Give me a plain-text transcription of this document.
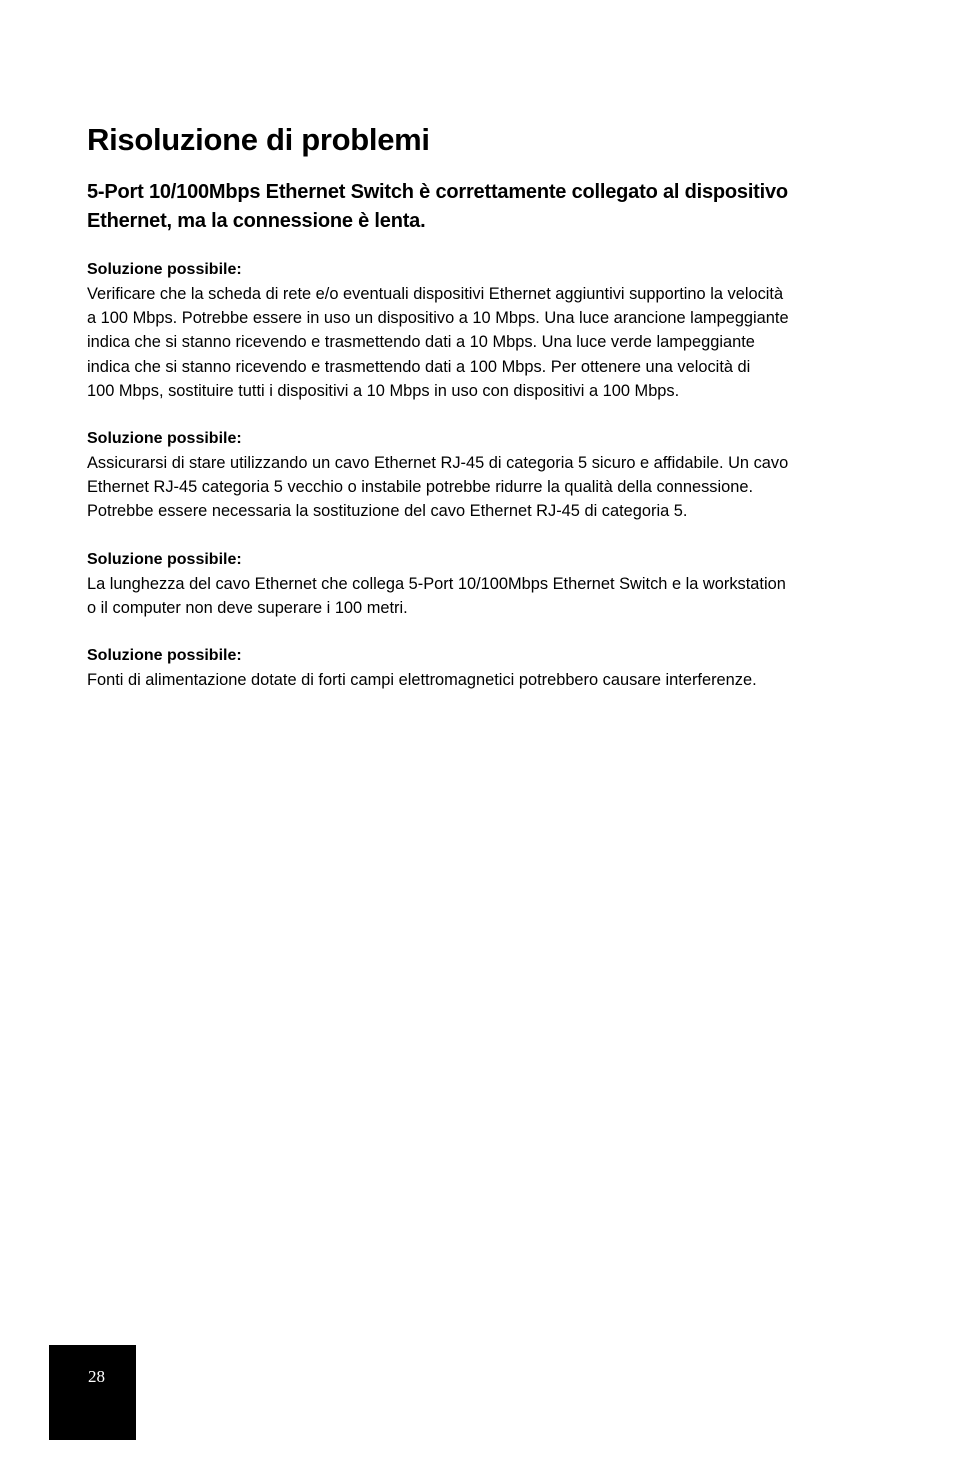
Risoluzione di problemi
5-Port 10/100Mbps Ethernet Switch è correttamente collegato al dispositivo Ethernet, ma la connessione è lenta.

Soluzione possibile:

Verificare che la scheda di rete e/o eventuali dispositivi Ethernet aggiuntivi supportino la velocità
a 100 Mbps. Potrebbe essere in uso un dispositivo a 10 Mbps. Una luce arancione lampeggiante
indica che si stanno ricevendo e trasmettendo dati a 10 Mbps. Una luce verde lampeggiante
indica che si stanno ricevendo e trasmettendo dati a 100 Mbps. Per ottenere una velocità di
100 Mbps, sostituire tutti i dispositivi a 10 Mbps in uso con dispositivi a 100 Mbps.

Soluzione possibile:

Assicurarsi di stare utilizzando un cavo Ethernet RJ-45 di categoria 5 sicuro e affidabile. Un cavo
Ethernet RJ-45 categoria 5 vecchio o instabile potrebbe ridurre la qualità della connessione.
Potrebbe essere necessaria la sostituzione del cavo Ethernet RJ-45 di categoria 5.

Soluzione possibile:

La lunghezza del cavo Ethernet che collega 5-Port 10/100Mbps Ethernet Switch e la workstation
o il computer non deve superare i 100 metri.

Soluzione possibile:

Fonti di alimentazione dotate di forti campi elettromagnetici potrebbero causare interferenze.

28
